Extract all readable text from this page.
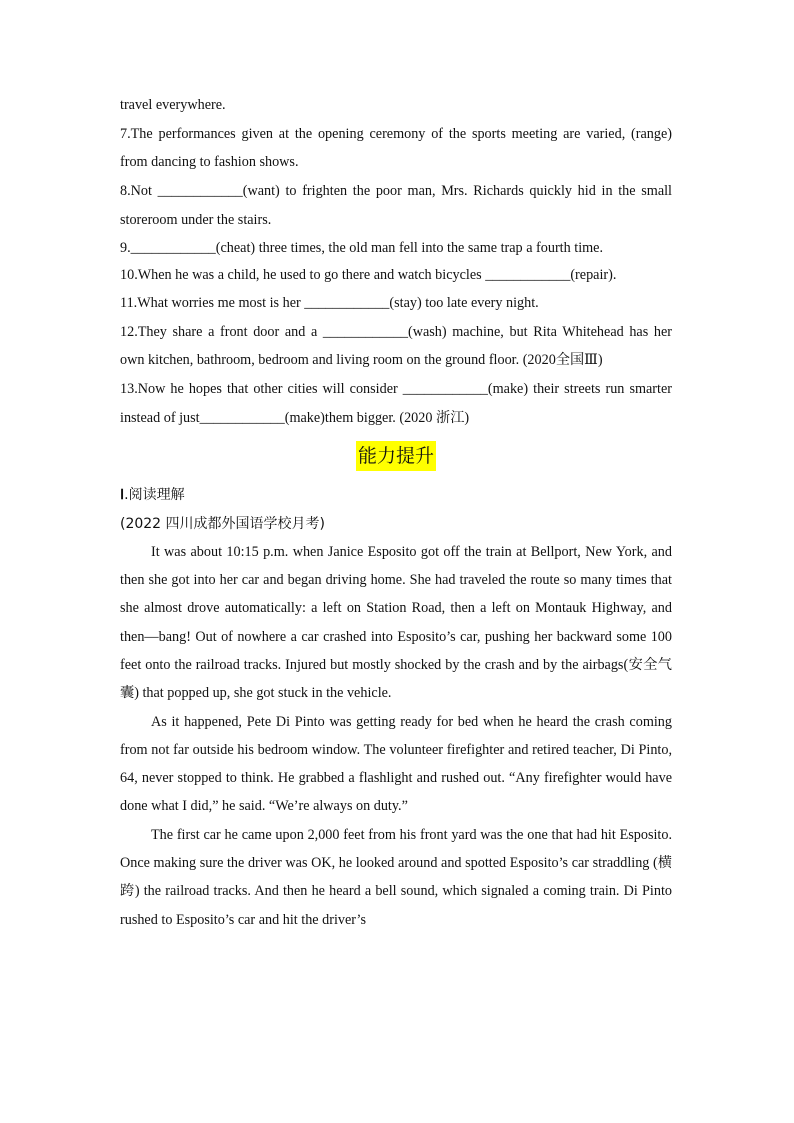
travel everywhere.

7.The performances given at the opening ceremony of the sports meeting are varied, (range) from dancing to fashion shows.

8.Not ____________(want) to frighten the poor man, Mrs. Richards quickly hid in the small storeroom under the stairs.

9.____________(cheat) three times, the old man fell into the same trap a fourth time.

10.When he was a child, he used to go there and watch bicycles ____________(repair).

11.What worries me most is her ____________(stay) too late every night.

12.They share a front door and a ____________(wash) machine, but Rita Whitehead has her own kitchen, bathroom, bedroom and living room on the ground floor. (2020全国Ⅲ)

13.Now he hopes that other cities will consider ____________(make) their streets run smarter instead of just____________(make)them bigger. (2020 浙江)

能力提升
Ⅰ.阅读理解
(2022 四川成都外国语学校月考)

It was about 10:15 p.m. when Janice Esposito got off the train at Bellport, New York, and then she got into her car and began driving home. She had traveled the route so many times that she almost drove automatically: a left on Station Road, then a left on Montauk Highway, and then—bang! Out of nowhere a car crashed into Esposito’s car, pushing her backward some 100 feet onto the railroad tracks. Injured but mostly shocked by the crash and by the airbags(安全气囊) that popped up, she got stuck in the vehicle.

As it happened, Pete Di Pinto was getting ready for bed when he heard the crash coming from not far outside his bedroom window. The volunteer firefighter and retired teacher, Di Pinto, 64, never stopped to think. He grabbed a flashlight and rushed out. “Any firefighter would have done what I did,” he said. “We’re always on duty.”

The first car he came upon 2,000 feet from his front yard was the one that had hit Esposito. Once making sure the driver was OK, he looked around and spotted Esposito’s car straddling (横跨) the railroad tracks. And then he heard a bell sound, which signaled a coming train. Di Pinto rushed to Esposito’s car and hit the driver’s
